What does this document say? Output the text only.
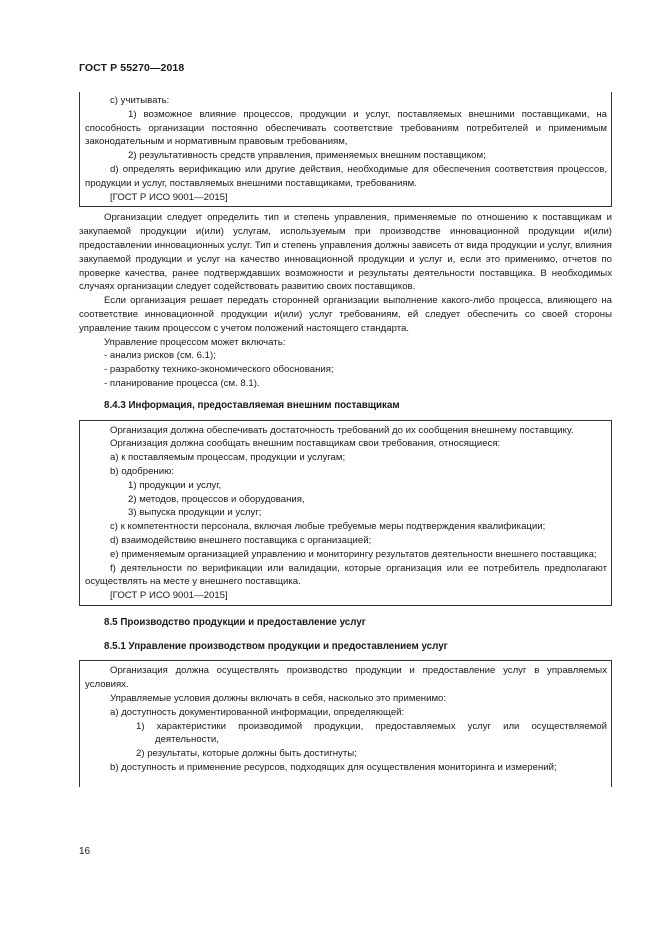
ГОСТ Р 55270—2018

с) учитывать:

1) возможное влияние процессов, продукции и услуг, поставляемых внешними поставщиками, на способность организации постоянно обеспечивать соответствие требованиям потребителей и применимым законодательным и нормативным правовым требованиям,

2) результативность средств управления, применяемых внешним поставщиком;

d) определять верификацию или другие действия, необходимые для обеспечения соответствия процессов, продукции и услуг, поставляемых внешними поставщиками, требованиям.

[ГОСТ Р ИСО 9001—2015]

Организации следует определить тип и степень управления, применяемые по отношению к поставщикам и закупаемой продукции и(или) услугам, используемым при производстве инновационной продукции и(или) предоставлении инновационных услуг. Тип и степень управления должны зависеть от вида продукции и услуг, влияния закупаемой продукции и услуг на качество инновационной продукции и услуг и, если это применимо, отчетов по проверке качества, ранее подтверждавших возможности и результаты деятельности поставщика. В необходимых случаях организации следует содействовать развитию своих поставщиков.

Если организация решает передать сторонней организации выполнение какого-либо процесса, влияющего на соответствие инновационной продукции и(или) услуг требованиям, ей следует обеспечить со своей стороны управление таким процессом с учетом положений настоящего стандарта.

Управление процессом может включать:

- анализ рисков (см. 6.1);

- разработку технико-экономического обоснования;

- планирование процесса (см. 8.1).

8.4.3 Информация, предоставляемая внешним поставщикам

Организация должна обеспечивать достаточность требований до их сообщения внешнему поставщику.

Организация должна сообщать внешним поставщикам свои требования, относящиеся:

a) к поставляемым процессам, продукции и услугам;

b) одобрению:

1) продукции и услуг,

2) методов, процессов и оборудования,

3) выпуска продукции и услуг;

c) к компетентности персонала, включая любые требуемые меры подтверждения квалификации;

d) взаимодействию внешнего поставщика с организацией;

e) применяемым организацией управлению и мониторингу результатов деятельности внешнего поставщика;

f) деятельности по верификации или валидации, которые организация или ее потребитель предполагают осуществлять на месте у внешнего поставщика.

[ГОСТ Р ИСО 9001—2015]

8.5 Производство продукции и предоставление услуг
8.5.1 Управление производством продукции и предоставлением услуг

Организация должна осуществлять производство продукции и предоставление услуг в управляемых условиях.

Управляемые условия должны включать в себя, насколько это применимо:

a) доступность документированной информации, определяющей:

1) характеристики производимой продукции, предоставляемых услуг или осуществляемой деятельности,

2) результаты, которые должны быть достигнуты;

b) доступность и применение ресурсов, подходящих для осуществления мониторинга и измерений;

16
